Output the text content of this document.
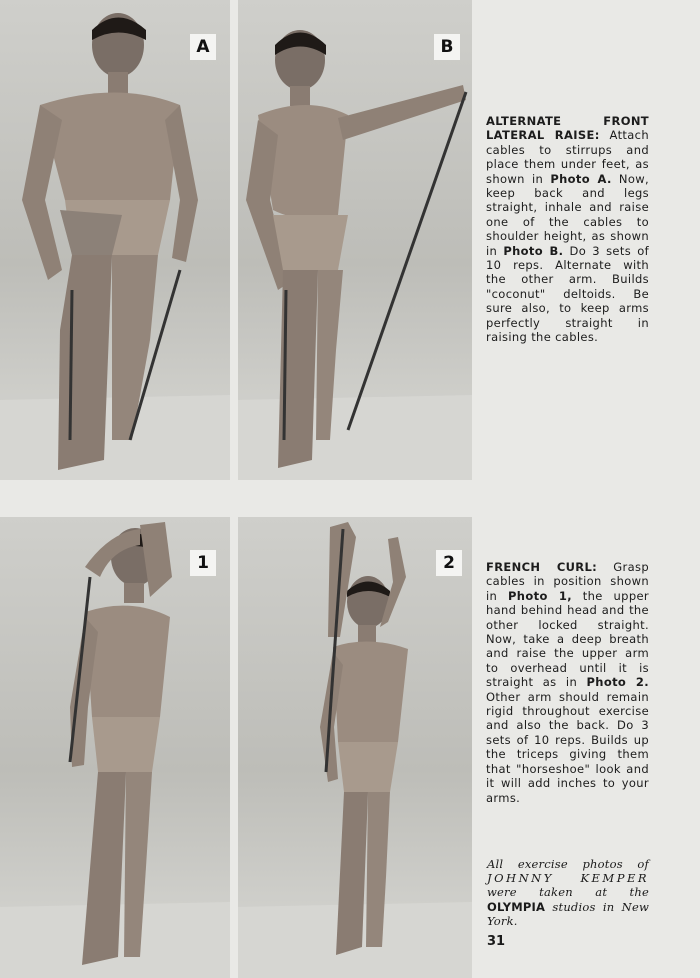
A	B
ALTERNATE FRONT LATERAL RAISE: Attach cables to stirrups and place them under feet, as shown in Photo A. Now, keep back and legs straight, inhale and raise one of the cables to shoulder height, as shown in Photo B. Do 3 sets of 10 reps. Alternate with the other arm. Builds "coconut" deltoids. Be sure also, to keep arms perfectly straight in raising the cables.
1	2	FRENCH CURL: Grasp cables in position shown in Photo 1, the upper hand behind head and the other locked straight. Now, take a deep breath and raise the upper arm to overhead until it is straight as in Photo 2. Other arm should remain rigid throughout exercise and also the back. Do 3 sets of 10 reps. Builds up the triceps giving them that "horseshoe" look and it will add inches to your arms.
All exercise photos of JOHNNY KEMPER were taken at the OLYMPIA studios in New York.
31
